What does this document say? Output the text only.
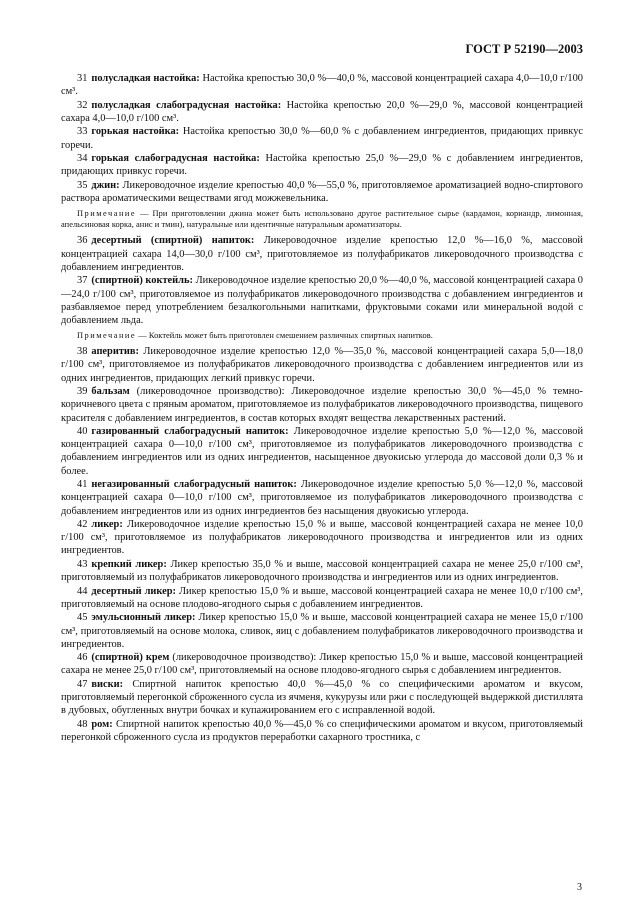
ГОСТ Р 52190—2003

31 полусладкая настойка: Настойка крепостью 30,0 %—40,0 %, массовой концентрацией сахара 4,0—10,0 г/100 см³.

32 полусладкая слабоградусная настойка: Настойка крепостью 20,0 %—29,0 %, массовой концентрацией сахара 4,0—10,0 г/100 см³.

33 горькая настойка: Настойка крепостью 30,0 %—60,0 % с добавлением ингредиентов, придающих привкус горечи.

34 горькая слабоградусная настойка: Настойка крепостью 25,0 %—29,0 % с добавлением ингредиентов, придающих привкус горечи.

35 джин: Ликероводочное изделие крепостью 40,0 %—55,0 %, приготовляемое ароматизацией водно-спиртового раствора ароматическими веществами ягод можжевельника.

Примечание — При приготовлении джина может быть использовано другое растительное сырье (кардамон, кориандр, лимонная, апельсиновая корка, анис и тмин), натуральные или идентичные натуральным ароматизаторы.

36 десертный (спиртной) напиток: Ликероводочное изделие крепостью 12,0 %—16,0 %, массовой концентрацией сахара 14,0—30,0 г/100 см³, приготовляемое из полуфабрикатов ликероводочного производства с добавлением ингредиентов.

37 (спиртной) коктейль: Ликероводочное изделие крепостью 20,0 %—40,0 %, массовой концентрацией сахара 0—24,0 г/100 см³, приготовляемое из полуфабрикатов ликероводочного производства с добавлением ингредиентов и разбавляемое перед употреблением безалкогольными напитками, фруктовыми соками или минеральной водой с добавлением льда.

Примечание — Коктейль может быть приготовлен смешением различных спиртных напитков.

38 аперитив: Ликероводочное изделие крепостью 12,0 %—35,0 %, массовой концентрацией сахара 5,0—18,0 г/100 см³, приготовляемое из полуфабрикатов ликероводочного производства с добавлением ингредиентов или из одних ингредиентов, придающих легкий привкус горечи.

39 бальзам (ликероводочное производство): Ликероводочное изделие крепостью 30,0 %—45,0 % темно-коричневого цвета с пряным ароматом, приготовляемое из полуфабрикатов ликероводочного производства, пищевого красителя с добавлением ингредиентов, в состав которых входят вещества лекарственных растений.

40 газированный слабоградусный напиток: Ликероводочное изделие крепостью 5,0 %—12,0 %, массовой концентрацией сахара 0—10,0 г/100 см³, приготовляемое из полуфабрикатов ликероводочного производства с добавлением ингредиентов или из одних ингредиентов, насыщенное двуокисью углерода до массовой доли 0,3 % и более.

41 негазированный слабоградусный напиток: Ликероводочное изделие крепостью 5,0 %—12,0 %, массовой концентрацией сахара 0—10,0 г/100 см³, приготовляемое из полуфабрикатов ликероводочного производства с добавлением ингредиентов или из одних ингредиентов без насыщения двуокисью углерода.

42 ликер: Ликероводочное изделие крепостью 15,0 % и выше, массовой концентрацией сахара не менее 10,0 г/100 см³, приготовляемое из полуфабрикатов ликероводочного производства и ингредиентов или из одних ингредиентов.

43 крепкий ликер: Ликер крепостью 35,0 % и выше, массовой концентрацией сахара не менее 25,0 г/100 см³, приготовляемый из полуфабрикатов ликероводочного производства и ингредиентов или из одних ингредиентов.

44 десертный ликер: Ликер крепостью 15,0 % и выше, массовой концентрацией сахара не менее 10,0 г/100 см³, приготовляемый на основе плодово-ягодного сырья с добавлением ингредиентов.

45 эмульсионный ликер: Ликер крепостью 15,0 % и выше, массовой концентрацией сахара не менее 15,0 г/100 см³, приготовляемый на основе молока, сливок, яиц с добавлением полуфабрикатов ликероводочного производства и ингредиентов.

46 (спиртной) крем (ликероводочное производство): Ликер крепостью 15,0 % и выше, массовой концентрацией сахара не менее 25,0 г/100 см³, приготовляемый на основе плодово-ягодного сырья с добавлением ингредиентов.

47 виски: Спиртной напиток крепостью 40,0 %—45,0 % со специфическими ароматом и вкусом, приготовляемый перегонкой сброженного сусла из ячменя, кукурузы или ржи с последующей выдержкой дистиллята в дубовых, обугленных внутри бочках и купажированием его с исправленной водой.

48 ром: Спиртной напиток крепостью 40,0 %—45,0 % со специфическими ароматом и вкусом, приготовляемый перегонкой сброженного сусла из продуктов переработки сахарного тростника, с

3
